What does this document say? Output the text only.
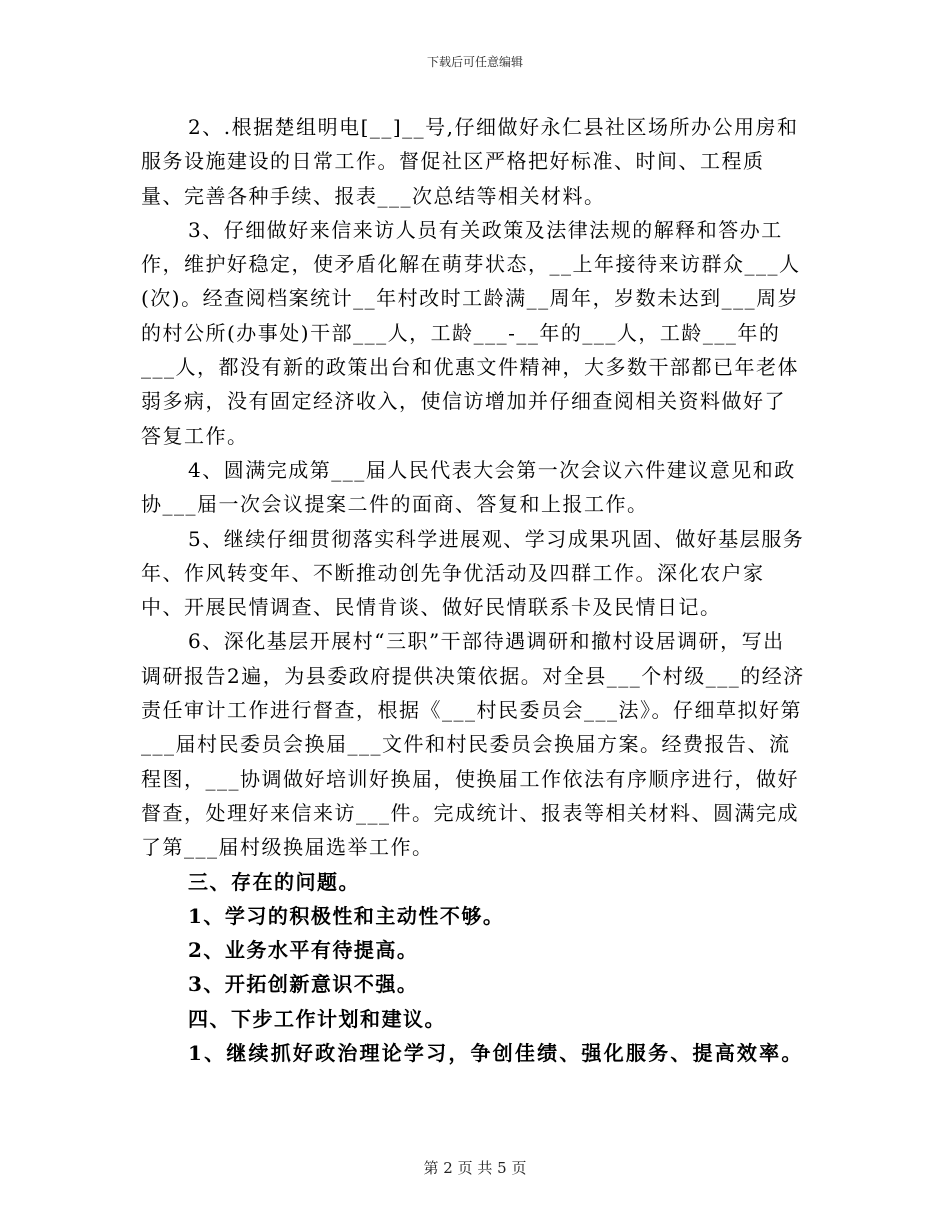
下载后可任意编辑

2、.根据楚组明电[__]__号,仔细做好永仁县社区场所办公用房和服务设施建设的日常工作。督促社区严格把好标准、时间、工程质量、完善各种手续、报表___次总结等相关材料。

3、仔细做好来信来访人员有关政策及法律法规的解释和答办工作，维护好稳定，使矛盾化解在萌芽状态，__上年接待来访群众___人(次)。经查阅档案统计__年村改时工龄满__周年，岁数未达到___周岁的村公所(办事处)干部___人，工龄___-__年的___人，工龄___年的___人，都没有新的政策出台和优惠文件精神，大多数干部都已年老体弱多病，没有固定经济收入，使信访增加并仔细查阅相关资料做好了答复工作。

4、圆满完成第___届人民代表大会第一次会议六件建议意见和政协___届一次会议提案二件的面商、答复和上报工作。

5、继续仔细贯彻落实科学进展观、学习成果巩固、做好基层服务年、作风转变年、不断推动创先争优活动及四群工作。深化农户家中、开展民情调查、民情肯谈、做好民情联系卡及民情日记。

6、深化基层开展村“三职”干部待遇调研和撤村设居调研，写出调研报告2遍，为县委政府提供决策依据。对全县___个村级___的经济责任审计工作进行督查，根据《___村民委员会___法》。仔细草拟好第___届村民委员会换届___文件和村民委员会换届方案。经费报告、流程图，___协调做好培训好换届，使换届工作依法有序顺序进行，做好督查，处理好来信来访___件。完成统计、报表等相关材料、圆满完成了第___届村级换届选举工作。

三、存在的问题。

1、学习的积极性和主动性不够。

2、业务水平有待提高。

3、开拓创新意识不强。

四、下步工作计划和建议。

1、继续抓好政治理论学习，争创佳绩、强化服务、提高效率。

第 2 页 共 5 页
